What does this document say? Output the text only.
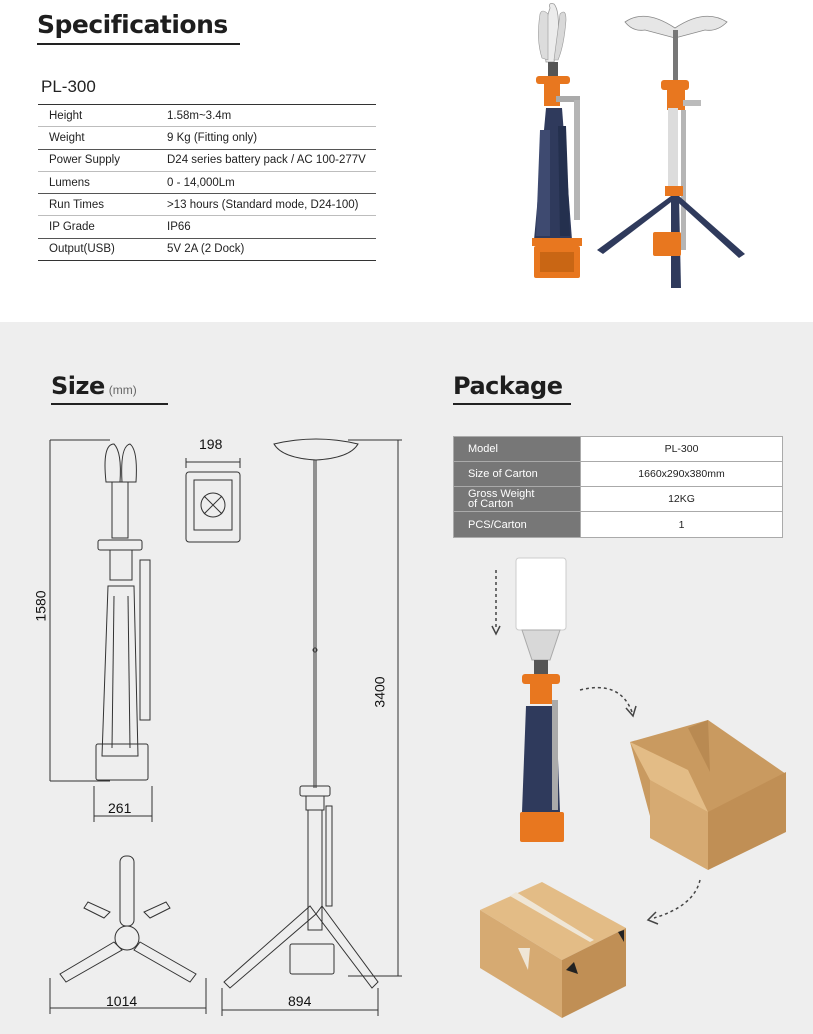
Specifications
PL-300
Height	1.58m~3.4m
Weight	9 Kg (Fitting only)
Power Supply	D24 series battery pack / AC 100-277V
Lumens	0 - 14,000Lm
Run Times	>13 hours (Standard mode, D24-100)
IP Grade	IP66
Output(USB)	5V 2A (2 Dock)
Size (mm)	Package
Model	PL-300
Size of Carton	1660x290x380mm
Gross Weight
of Carton	12KG
PCS/Carton	1
1580
261
198
3400
894
1014
